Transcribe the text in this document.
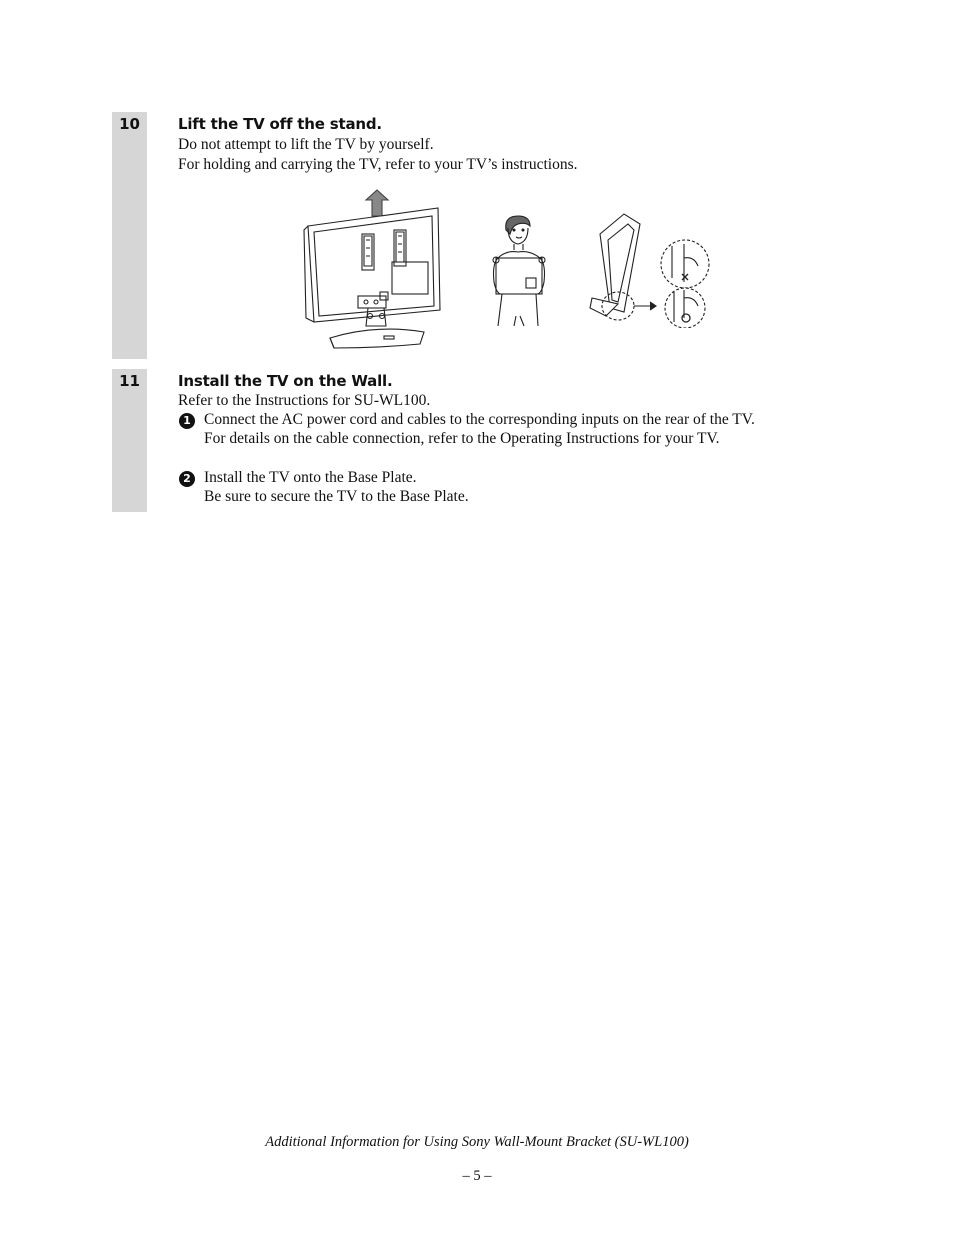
10	Lift the TV off the stand.
Do not attempt to lift the TV by yourself.
For holding and carrying the TV, refer to your TV’s instructions.
11	Install the TV on the Wall.
Refer to the Instructions for SU-WL100.
1 Connect the AC power cord and cables to the corresponding inputs on the rear of the TV.
For details on the cable connection, refer to the Operating Instructions for your TV.
2 Install the TV onto the Base Plate.
Be sure to secure the TV to the Base Plate.
Additional Information for Using Sony Wall-Mount Bracket (SU-WL100)
– 5 –
